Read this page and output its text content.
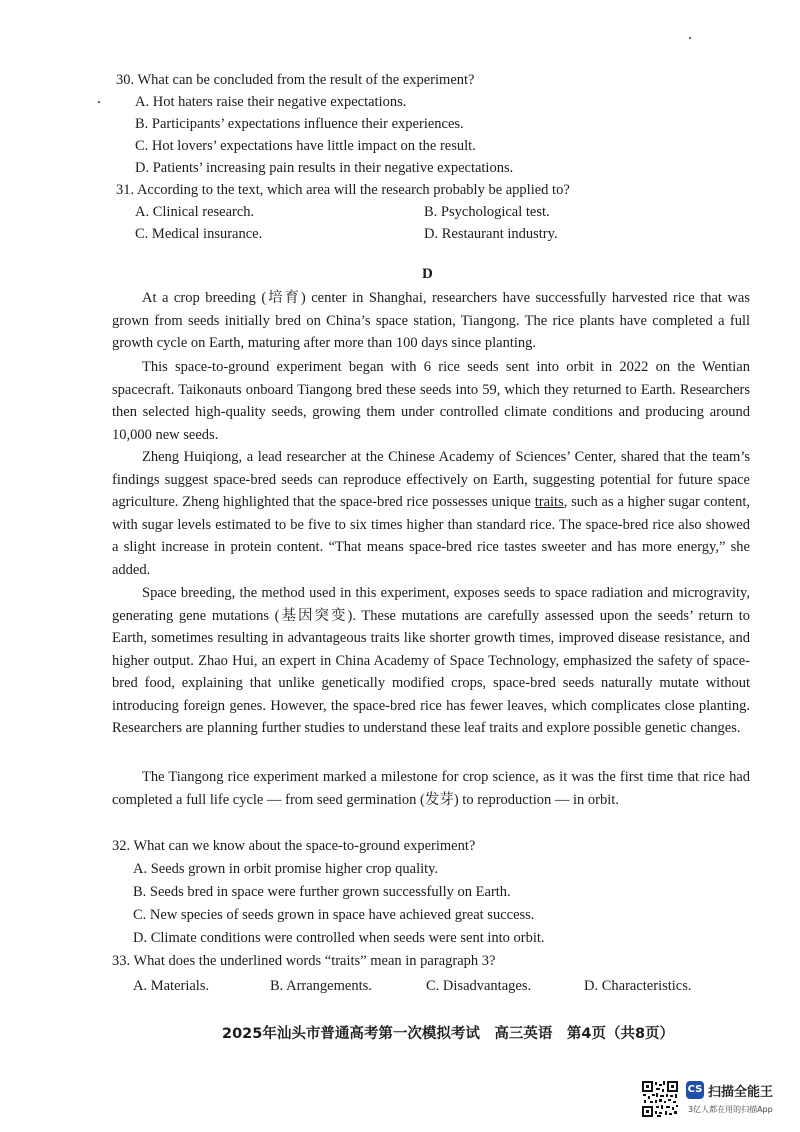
30. What can be concluded from the result of the experiment?
A. Hot haters raise their negative expectations.
B. Participants’ expectations influence their experiences.
C. Hot lovers’ expectations have little impact on the result.
D. Patients’ increasing pain results in their negative expectations.
31. According to the text, which area will the research probably be applied to?
A. Clinical research.	B. Psychological test.
C. Medical insurance.	D. Restaurant industry.
D
At a crop breeding (培育) center in Shanghai, researchers have successfully harvested rice that was grown from seeds initially bred on China’s space station, Tiangong. The rice plants have completed a full growth cycle on Earth, maturing after more than 100 days since planting.
This space-to-ground experiment began with 6 rice seeds sent into orbit in 2022 on the Wentian spacecraft. Taikonauts onboard Tiangong bred these seeds into 59, which they returned to Earth. Researchers then selected high-quality seeds, growing them under controlled climate conditions and producing around 10,000 new seeds.
Zheng Huiqiong, a lead researcher at the Chinese Academy of Sciences’ Center, shared that the team’s findings suggest space-bred seeds can reproduce effectively on Earth, suggesting potential for future space agriculture. Zheng highlighted that the space-bred rice possesses unique traits, such as a higher sugar content, with sugar levels estimated to be five to six times higher than standard rice. The space-bred rice also showed a slight increase in protein content. “That means space-bred rice tastes sweeter and has more energy,” she added.
Space breeding, the method used in this experiment, exposes seeds to space radiation and microgravity, generating gene mutations (基因突变). These mutations are carefully assessed upon the seeds’ return to Earth, sometimes resulting in advantageous traits like shorter growth times, improved disease resistance, and higher output. Zhao Hui, an expert in China Academy of Space Technology, emphasized the safety of space-bred food, explaining that unlike genetically modified crops, space-bred seeds naturally mutate without introducing foreign genes. However, the space-bred rice has fewer leaves, which complicates close planting. Researchers are planning further studies to understand these leaf traits and explore possible genetic changes.
The Tiangong rice experiment marked a milestone for crop science, as it was the first time that rice had completed a full life cycle — from seed germination (发芽) to reproduction — in orbit.
32. What can we know about the space-to-ground experiment?
A. Seeds grown in orbit promise higher crop quality.
B. Seeds bred in space were further grown successfully on Earth.
C. New species of seeds grown in space have achieved great success.
D. Climate conditions were controlled when seeds were sent into orbit.
33. What does the underlined words “traits” mean in paragraph 3?
A. Materials.	B. Arrangements.	C. Disadvantages.	D. Characteristics.
2025年汕头市普通高考第一次模拟考试　高三英语　第4页（共8页）
CS 扫描全能王
3亿人都在用的扫描App
